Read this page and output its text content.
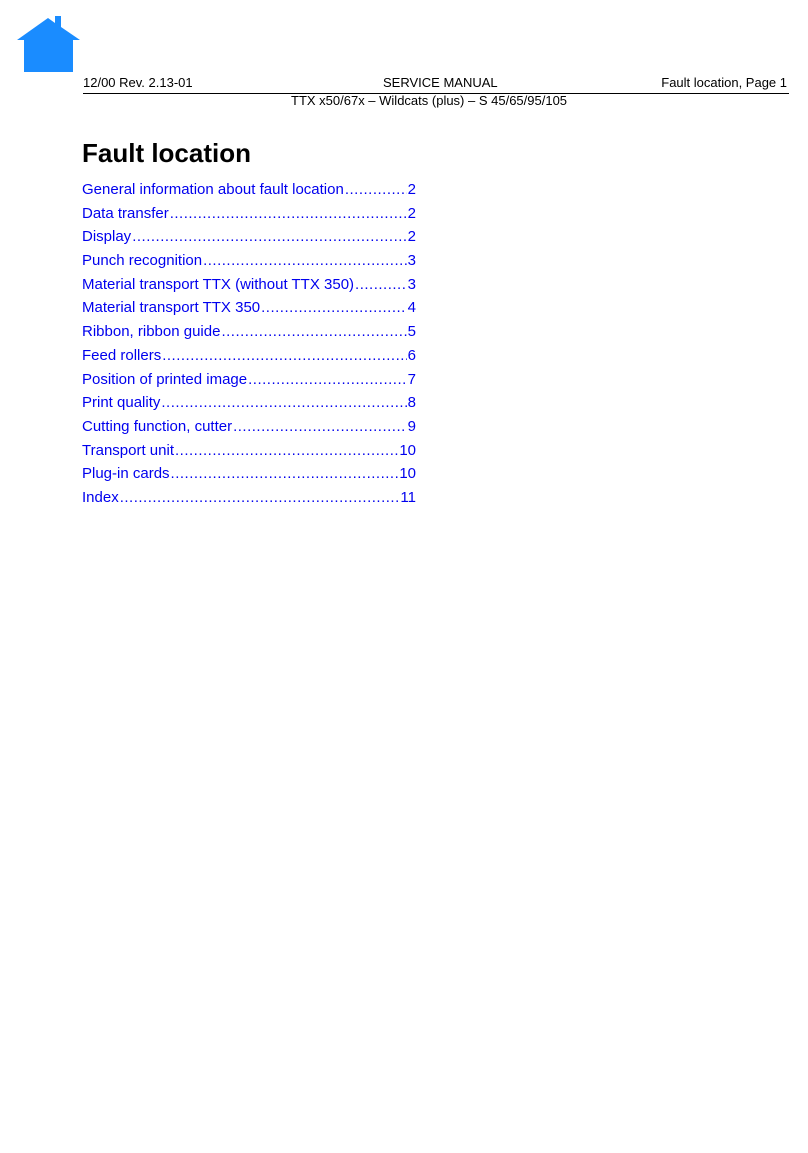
12/00 Rev. 2.13-01	SERVICE MANUAL	Fault location, Page 1
TTX x50/67x – Wildcats (plus) – S 45/65/95/105
Fault location
General information about fault location .....	2
Data transfer .....	2
Display .....	2
Punch recognition .....	3
Material transport TTX (without TTX 350) .....	3
Material transport TTX 350 .....	4
Ribbon, ribbon guide .....	5
Feed rollers .....	6
Position of printed image .....	7
Print quality .....	8
Cutting function, cutter .....	9
Transport unit .....	10
Plug-in cards .....	10
Index .....	11
